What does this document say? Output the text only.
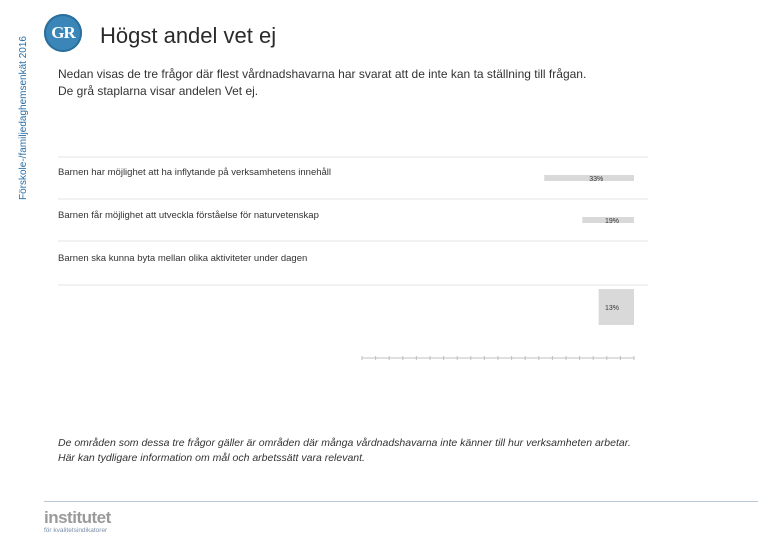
Förskole-/familjedaghemsenkät 2016
GR Högst andel vet ej
Nedan visas de tre frågor där flest vårdnadshavarna har svarat att de inte kan ta ställning till frågan.
De grå staplarna visar andelen Vet ej.
Barnen har möjlighet att ha inflytande på verksamhetens innehåll
Barnen får möjlighet att utveckla förståelse för naturvetenskap
Barnen ska kunna byta mellan olika aktiviteter under dagen
33%
19%
13%
De områden som dessa tre frågor gäller är områden där många vårdnadshavarna inte känner till hur verksamheten arbetar.
Här kan tydligare information om mål och arbetssätt vara relevant.
institutet
för kvalitetsindikatorer
